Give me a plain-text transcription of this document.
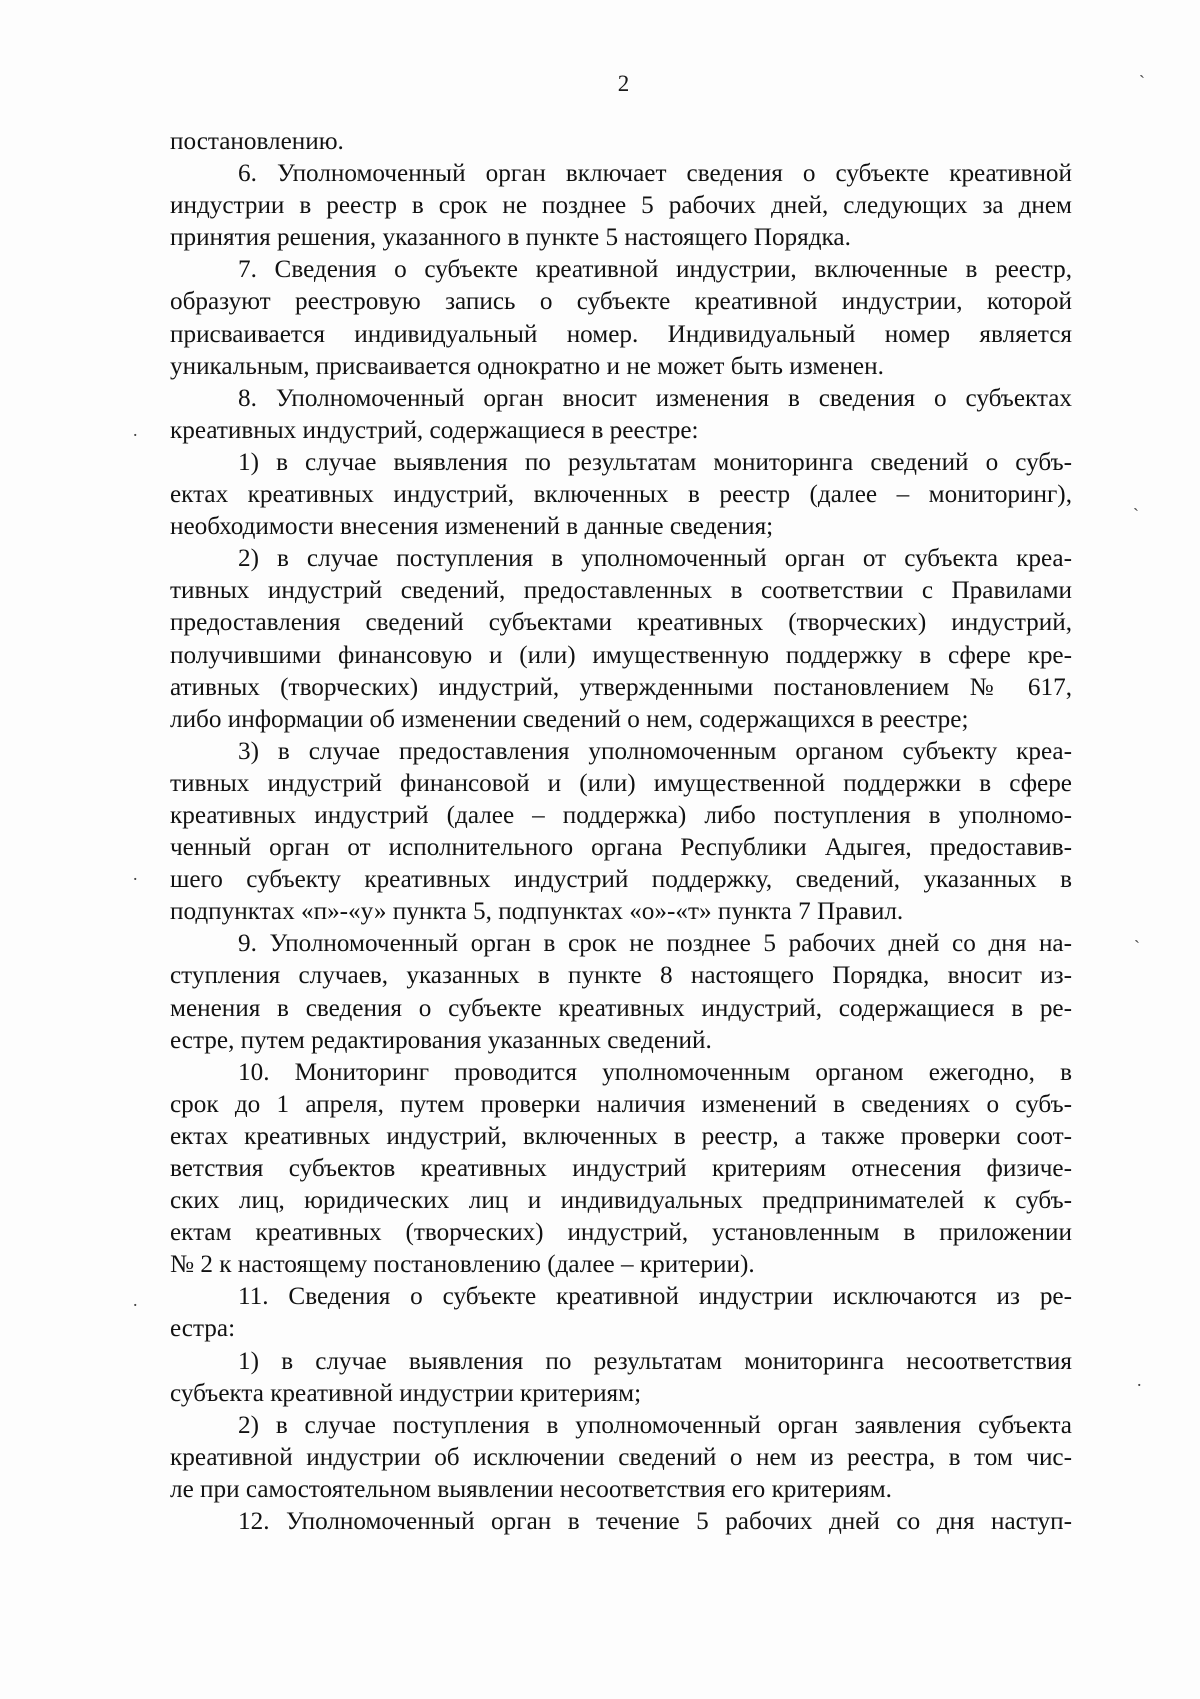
2
постановлению.
6. Уполномоченный орган включает сведения о субъекте креативной
индустрии в реестр в срок не позднее 5 рабочих дней, следующих за днем
принятия решения, указанного в пункте 5 настоящего Порядка.
7. Сведения о субъекте креативной индустрии, включенные в реестр,
образуют реестровую запись о субъекте креативной индустрии, которой
присваивается индивидуальный номер. Индивидуальный номер является
уникальным, присваивается однократно и не может быть изменен.
8. Уполномоченный орган вносит изменения в сведения о субъектах
креативных индустрий, содержащиеся в реестре:
1) в случае выявления по результатам мониторинга сведений о субъ-
ектах креативных индустрий, включенных в реестр (далее – мониторинг),
необходимости внесения изменений в данные сведения;
2) в случае поступления в уполномоченный орган от субъекта креа-
тивных индустрий сведений, предоставленных в соответствии с Правилами
предоставления сведений субъектами креативных (творческих) индустрий,
получившими финансовую и (или) имущественную поддержку в сфере кре-
ативных (творческих) индустрий, утвержденными постановлением № 617,
либо информации об изменении сведений о нем, содержащихся в реестре;
3) в случае предоставления уполномоченным органом субъекту креа-
тивных индустрий финансовой и (или) имущественной поддержки в сфере
креативных индустрий (далее – поддержка) либо поступления в уполномо-
ченный орган от исполнительного органа Республики Адыгея, предоставив-
шего субъекту креативных индустрий поддержку, сведений, указанных в
подпунктах «п»-«у» пункта 5, подпунктах «о»-«т» пункта 7 Правил.
9. Уполномоченный орган в срок не позднее 5 рабочих дней со дня на-
ступления случаев, указанных в пункте 8 настоящего Порядка, вносит из-
менения в сведения о субъекте креативных индустрий, содержащиеся в ре-
естре, путем редактирования указанных сведений.
10. Мониторинг проводится уполномоченным органом ежегодно, в
срок до 1 апреля, путем проверки наличия изменений в сведениях о субъ-
ектах креативных индустрий, включенных в реестр, а также проверки соот-
ветствия субъектов креативных индустрий критериям отнесения физиче-
ских лиц, юридических лиц и индивидуальных предпринимателей к субъ-
ектам креативных (творческих) индустрий, установленным в приложении
№ 2 к настоящему постановлению (далее – критерии).
11. Сведения о субъекте креативной индустрии исключаются из ре-
естра:
1) в случае выявления по результатам мониторинга несоответствия
субъекта креативной индустрии критериям;
2) в случае поступления в уполномоченный орган заявления субъекта
креативной индустрии об исключении сведений о нем из реестра, в том чис-
ле при самостоятельном выявлении несоответствия его критериям.
12. Уполномоченный орган в течение 5 рабочих дней со дня наступ-
`
`
`
.
.
.
.
